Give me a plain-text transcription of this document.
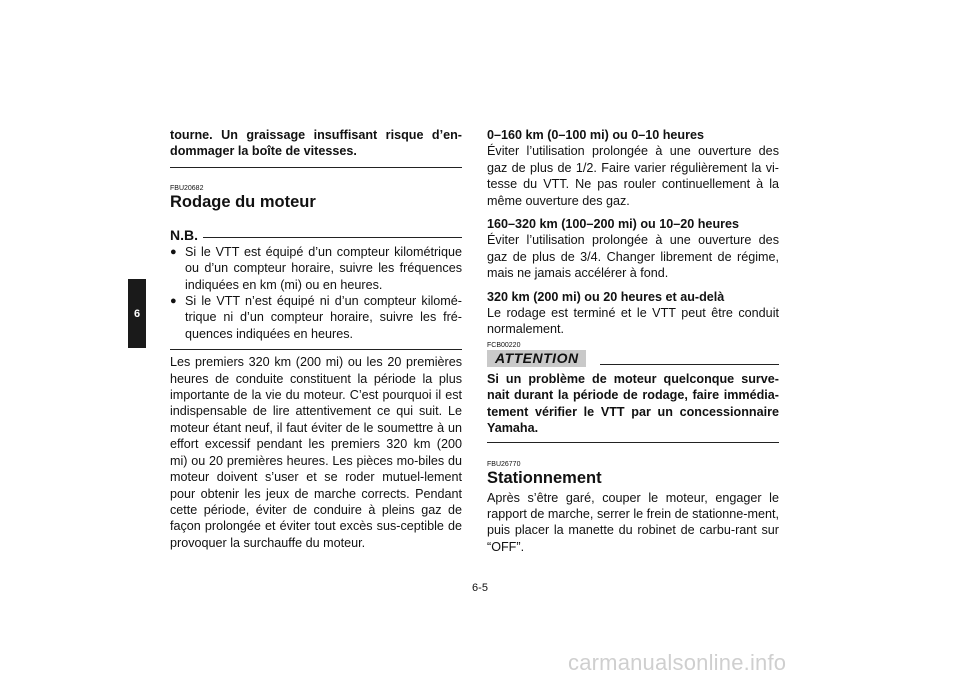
6

tourne. Un graissage insuffisant risque d’en-dommager la boîte de vitesses.

FBU20682

Rodage du moteur

N.B.
● Si le VTT est équipé d’un compteur kilométrique ou d’un compteur horaire, suivre les fréquences indiquées en km (mi) ou en heures.

● Si le VTT n’est équipé ni d’un compteur kilomé-trique ni d’un compteur horaire, suivre les fré-quences indiquées en heures.

Les premiers 320 km (200 mi) ou les 20 premières heures de conduite constituent la période la plus importante de la vie du moteur. C’est pourquoi il est indispensable de lire attentivement ce qui suit. Le moteur étant neuf, il faut éviter de le soumettre à un effort excessif pendant les premiers 320 km (200 mi) ou 20 premières heures. Les pièces mo-biles du moteur doivent s’user et se roder mutuel-lement pour obtenir les jeux de marche corrects. Pendant cette période, éviter de conduire à pleins gaz de façon prolongée et éviter tout excès sus-ceptible de provoquer la surchauffe du moteur.

0–160 km (0–100 mi) ou 0–10 heures

Éviter l’utilisation prolongée à une ouverture des gaz de plus de 1/2. Faire varier régulièrement la vi-tesse du VTT. Ne pas rouler continuellement à la même ouverture des gaz.

160–320 km (100–200 mi) ou 10–20 heures

Éviter l’utilisation prolongée à une ouverture des gaz de plus de 3/4. Changer librement de régime, mais ne jamais accélérer à fond.

320 km (200 mi) ou 20 heures et au-delà

Le rodage est terminé et le VTT peut être conduit normalement.

FCB00220

ATTENTION

Si un problème de moteur quelconque surve-nait durant la période de rodage, faire immédia-tement vérifier le VTT par un concessionnaire Yamaha.

FBU26770

Stationnement

Après s’être garé, couper le moteur, engager le rapport de marche, serrer le frein de stationne-ment, puis placer la manette du robinet de carbu-rant sur “OFF”.

6-5
carmanualsonline.info
